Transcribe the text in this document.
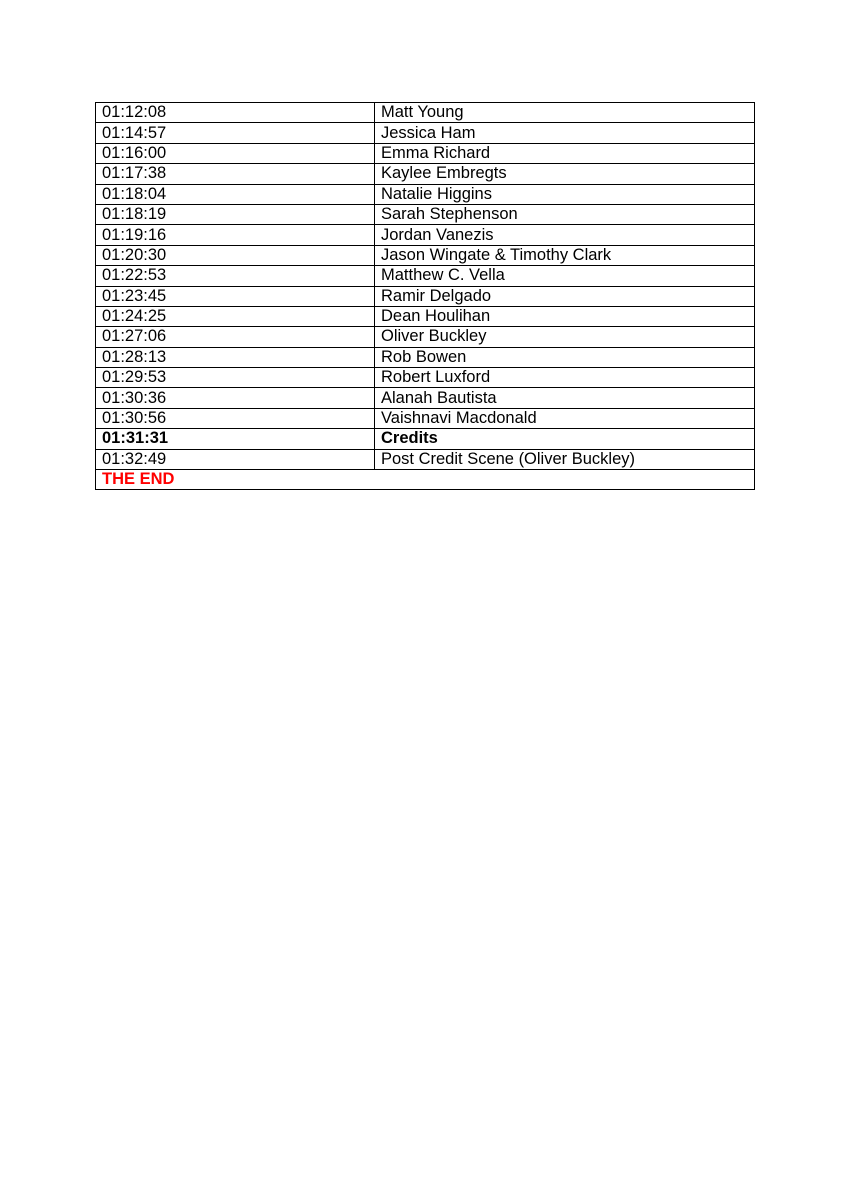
01:12:08	Matt Young
01:14:57	Jessica Ham
01:16:00	Emma Richard
01:17:38	Kaylee Embregts
01:18:04	Natalie Higgins
01:18:19	Sarah Stephenson
01:19:16	Jordan Vanezis
01:20:30	Jason Wingate & Timothy Clark
01:22:53	Matthew C. Vella
01:23:45	Ramir Delgado
01:24:25	Dean Houlihan
01:27:06	Oliver Buckley
01:28:13	Rob Bowen
01:29:53	Robert Luxford
01:30:36	Alanah Bautista
01:30:56	Vaishnavi Macdonald
01:31:31	Credits
01:32:49	Post Credit Scene (Oliver Buckley)
THE END	
